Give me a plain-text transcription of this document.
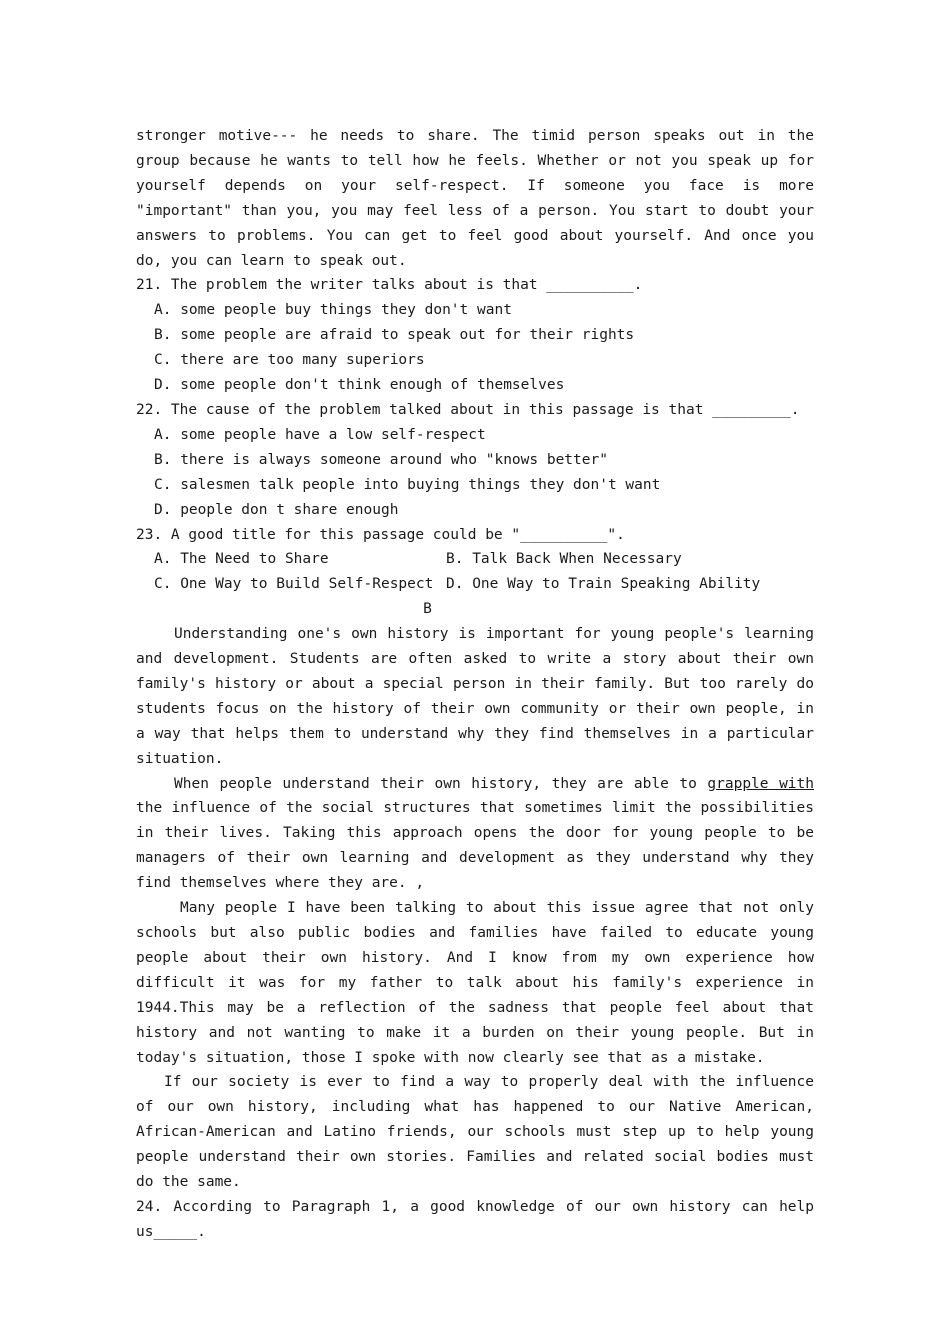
stronger motive--- he needs to share. The timid person speaks out in the group because he wants to tell how he feels. Whether or not you speak up for yourself depends on your self-respect. If someone you face is more "important" than you, you may feel less of a person. You start to doubt your answers to problems. You can get to feel good about yourself. And once you do, you can learn to speak out.

21. The problem the writer talks about is that __________.

A. some people buy things they don't want

B. some people are afraid to speak out for their rights

C. there are too many superiors

D. some people don't think enough of themselves

22. The cause of the problem talked about in this passage is that _________.

A. some people have a low self-respect

B. there is always someone around who "knows better"

C. salesmen talk people into buying things they don't want

D. people don t share enough

23. A good title for this passage could be "__________".

A. The Need to Share	B. Talk Back When Necessary
C. One Way to Build Self-Respect D. One Way to Train Speaking Ability

B

Understanding one's own history is important for young people's learning and development. Students are often asked to write a story about their own family's history or about a special person in their family. But too rarely do students focus on the history of their own community or their own people, in a way that helps them to understand why they find themselves in a particular situation.

When people understand their own history, they are able to grapple with the influence of the social structures that sometimes limit the possibilities in their lives. Taking this approach opens the door for young people to be managers of their own learning and development as they understand why they find themselves where they are. ,

Many people I have been talking to about this issue agree that not only schools but also public bodies and families have failed to educate young people about their own history. And I know from my own experience how difficult it was for my father to talk about his family's experience in 1944.This may be a reflection of the sadness that people feel about that history and not wanting to make it a burden on their young people. But in today's situation, those I spoke with now clearly see that as a mistake.

If our society is ever to find a way to properly deal with the influence of our own history, including what has happened to our Native American, African-American and Latino friends, our schools must step up to help young people understand their own stories. Families and related social bodies must do the same.

24. According to Paragraph 1, a good knowledge of our own history can help us_____.
